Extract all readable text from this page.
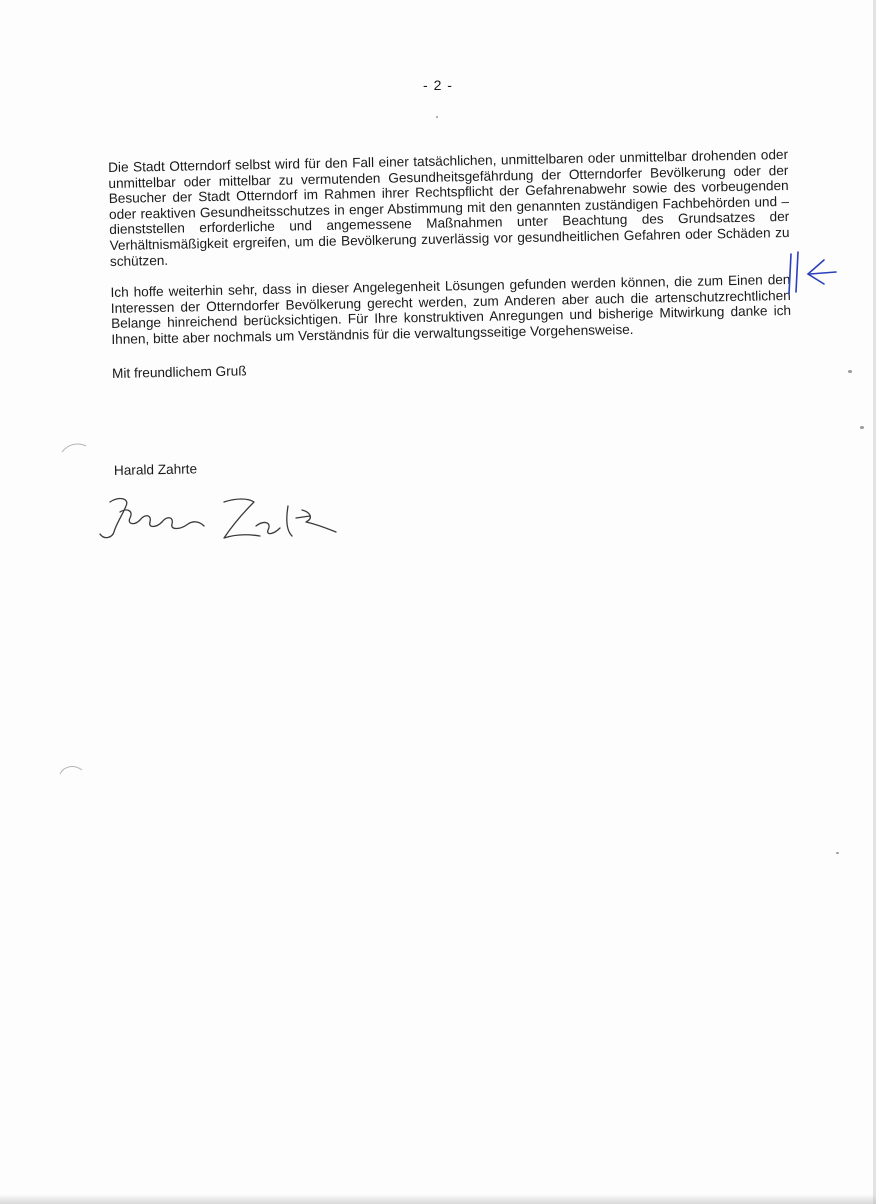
- 2 -

Die Stadt Otterndorf selbst wird für den Fall einer tatsächlichen, unmittelbaren oder unmittelbar drohenden oder unmittelbar oder mittelbar zu vermutenden Gesundheitsgefährdung der Otterndorfer Bevölkerung oder der Besucher der Stadt Otterndorf im Rahmen ihrer Rechtspflicht der Gefahrenabwehr sowie des vorbeugenden oder reaktiven Gesundheitsschutzes in enger Abstimmung mit den genannten zuständigen Fachbehörden und –dienststellen erforderliche und angemessene Maßnahmen unter Beachtung des Grundsatzes der Verhältnismäßigkeit ergreifen, um die Bevölkerung zuverlässig vor gesundheitlichen Gefahren oder Schäden zu schützen.

Ich hoffe weiterhin sehr, dass in dieser Angelegenheit Lösungen gefunden werden können, die zum Einen den Interessen der Otterndorfer Bevölkerung gerecht werden, zum Anderen aber auch die artenschutzrechtlichen Belange hinreichend berücksichtigen. Für Ihre konstruktiven Anregungen und bisherige Mitwirkung danke ich Ihnen, bitte aber nochmals um Verständnis für die verwaltungsseitige Vorgehensweise.

Mit freundlichem Gruß

Harald Zahrte
